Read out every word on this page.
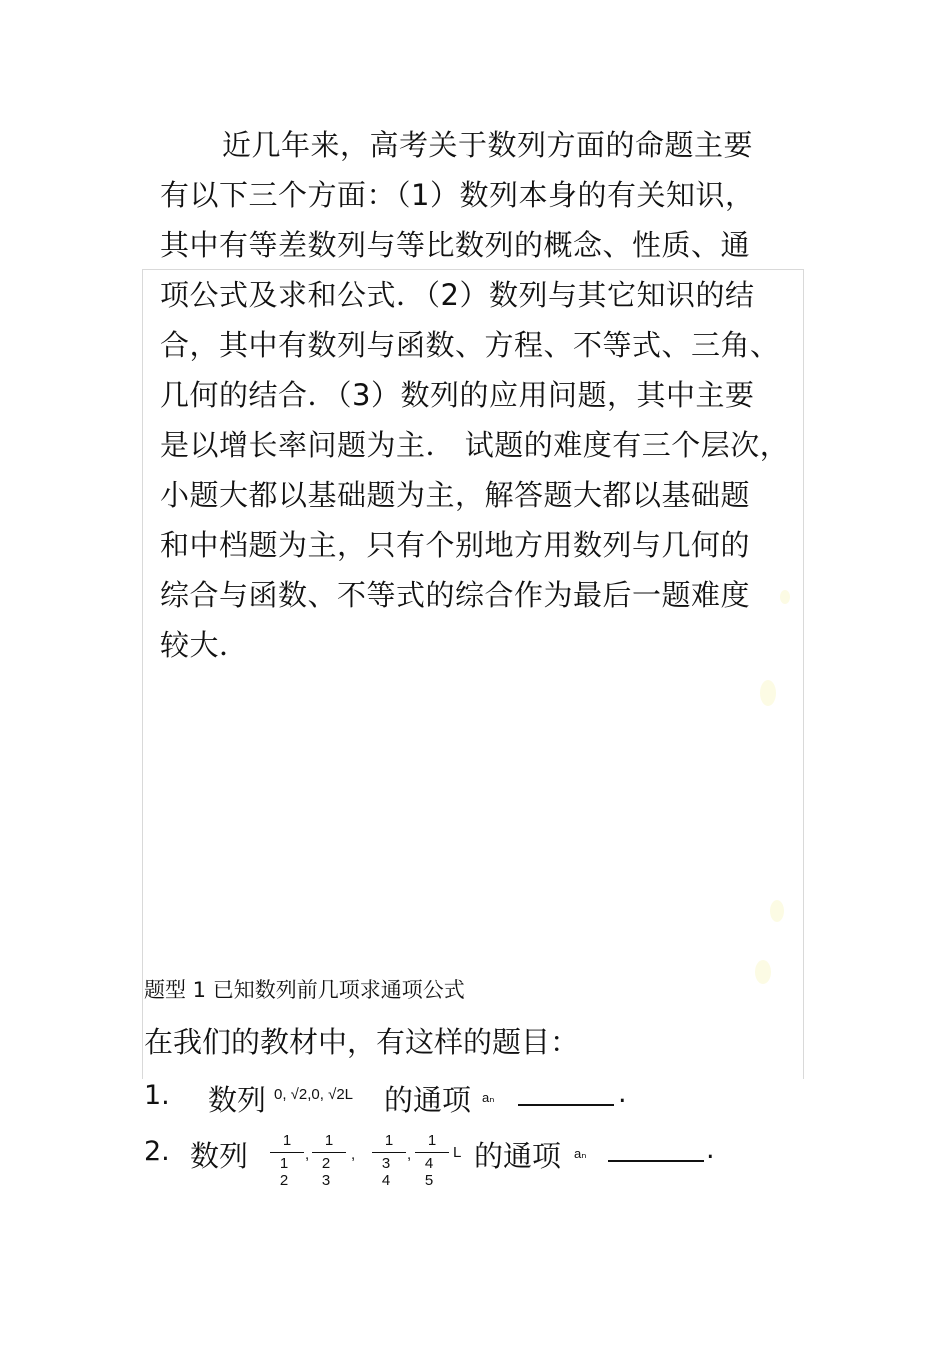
近几年来，高考关于数列方面的命题主要
有以下三个方面：（1）数列本身的有关知识，
其中有等差数列与等比数列的概念、性质、通
项公式及求和公式．（2）数列与其它知识的结
合，其中有数列与函数、方程、不等式、三角、
几何的结合．（3）数列的应用问题，其中主要
是以增长率问题为主． 试题的难度有三个层次，
小题大都以基础题为主，解答题大都以基础题
和中档题为主，只有个别地方用数列与几何的
综合与函数、不等式的综合作为最后一题难度
较大．
题型 1 已知数列前几项求通项公式
在我们的教材中，有这样的题目：
1. 数列 0, √2,0, √2L 的通项 aₙ	.
2. 数列	1
1 2
,
1
2 3
,
1
3 4
,
1
4 5
L 的通项 aₙ	.
